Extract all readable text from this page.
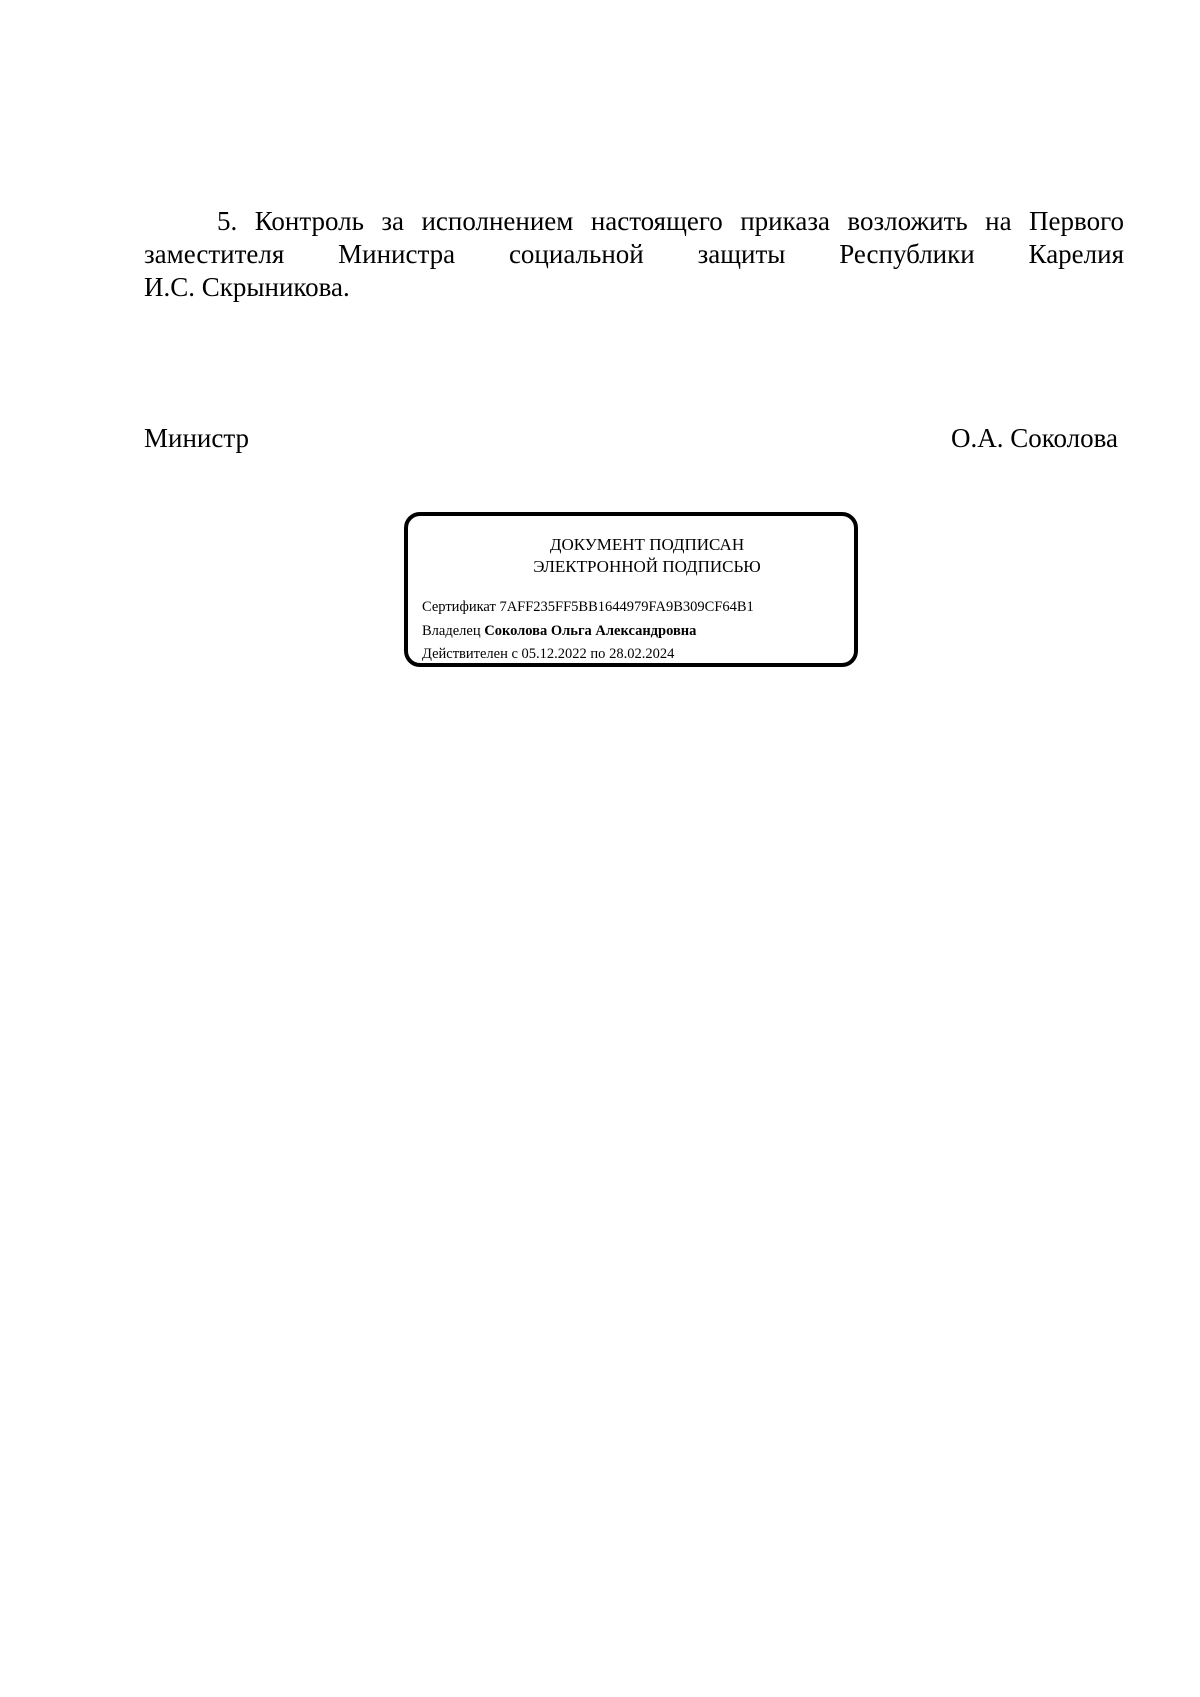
5. Контроль за исполнением настоящего приказа возложить на Первого
заместителя Министра социальной защиты Республики Карелия
И.С. Скрыникова.
Министр	О.А. Соколова
ДОКУМЕНТ ПОДПИСАН
ЭЛЕКТРОННОЙ ПОДПИСЬЮ
Сертификат 7AFF235FF5BB1644979FA9B309CF64B1
Владелец Соколова Ольга Александровна
Действителен с 05.12.2022 по 28.02.2024
